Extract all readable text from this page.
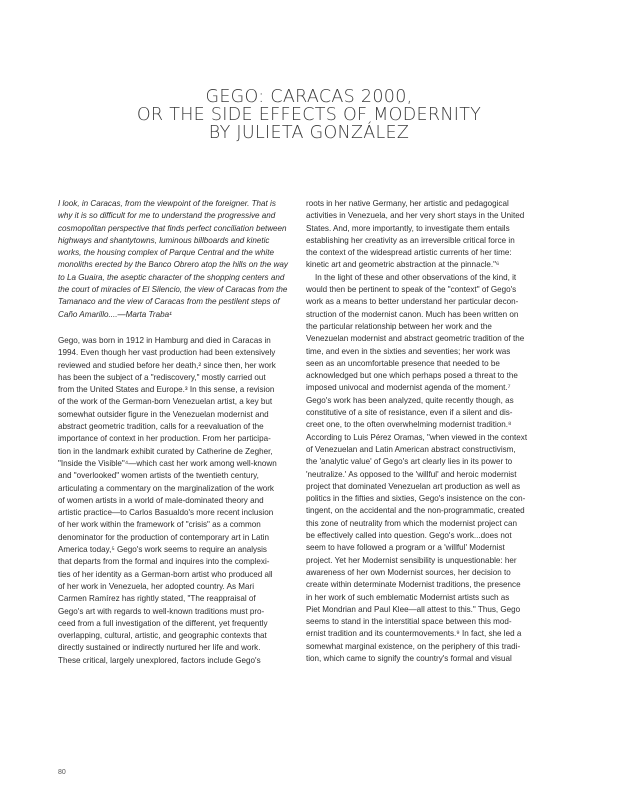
GEGO: CARACAS 2000,
OR THE SIDE EFFECTS OF MODERNITY
BY JULIETA GONZÁLEZ
I look, in Caracas, from the viewpoint of the foreigner. That is
why it is so difficult for me to understand the progressive and
cosmopolitan perspective that finds perfect conciliation between
highways and shantytowns, luminous billboards and kinetic
works, the housing complex of Parque Central and the white
monoliths erected by the Banco Obrero atop the hills on the way
to La Guaira, the aseptic character of the shopping centers and
the court of miracles of El Silencio, the view of Caracas from the
Tamanaco and the view of Caracas from the pestilent steps of
Caño Amarillo....—Marta Traba¹
Gego, was born in 1912 in Hamburg and died in Caracas in
1994. Even though her vast production had been extensively
reviewed and studied before her death,² since then, her work
has been the subject of a "rediscovery," mostly carried out
from the United States and Europe.³ In this sense, a revision
of the work of the German-born Venezuelan artist, a key but
somewhat outsider figure in the Venezuelan modernist and
abstract geometric tradition, calls for a reevaluation of the
importance of context in her production. From her participa-
tion in the landmark exhibit curated by Catherine de Zegher,
"Inside the Visible"⁴—which cast her work among well-known
and "overlooked" women artists of the twentieth century,
articulating a commentary on the marginalization of the work
of women artists in a world of male-dominated theory and
artistic practice—to Carlos Basualdo's more recent inclusion
of her work within the framework of "crisis" as a common
denominator for the production of contemporary art in Latin
America today,⁵ Gego's work seems to require an analysis
that departs from the formal and inquires into the complexi-
ties of her identity as a German-born artist who produced all
of her work in Venezuela, her adopted country. As Mari
Carmen Ramírez has rightly stated, "The reappraisal of
Gego's art with regards to well-known traditions must pro-
ceed from a full investigation of the different, yet frequently
overlapping, cultural, artistic, and geographic contexts that
directly sustained or indirectly nurtured her life and work.
These critical, largely unexplored, factors include Gego's
roots in her native Germany, her artistic and pedagogical
activities in Venezuela, and her very short stays in the United
States. And, more importantly, to investigate them entails
establishing her creativity as an irreversible critical force in
the context of the widespread artistic currents of her time:
kinetic art and geometric abstraction at the pinnacle."⁶
In the light of these and other observations of the kind, it
would then be pertinent to speak of the "context" of Gego's
work as a means to better understand her particular decon-
struction of the modernist canon. Much has been written on
the particular relationship between her work and the
Venezuelan modernist and abstract geometric tradition of the
time, and even in the sixties and seventies; her work was
seen as an uncomfortable presence that needed to be
acknowledged but one which perhaps posed a threat to the
imposed univocal and modernist agenda of the moment.⁷
Gego's work has been analyzed, quite recently though, as
constitutive of a site of resistance, even if a silent and dis-
creet one, to the often overwhelming modernist tradition.⁸
According to Luis Pérez Oramas, "when viewed in the context
of Venezuelan and Latin American abstract constructivism,
the 'analytic value' of Gego's art clearly lies in its power to
'neutralize.' As opposed to the 'willful' and heroic modernist
project that dominated Venezuelan art production as well as
politics in the fifties and sixties, Gego's insistence on the con-
tingent, on the accidental and the non-programmatic, created
this zone of neutrality from which the modernist project can
be effectively called into question. Gego's work...does not
seem to have followed a program or a 'willful' Modernist
project. Yet her Modernist sensibility is unquestionable: her
awareness of her own Modernist sources, her decision to
create within determinate Modernist traditions, the presence
in her work of such emblematic Modernist artists such as
Piet Mondrian and Paul Klee—all attest to this." Thus, Gego
seems to stand in the interstitial space between this mod-
ernist tradition and its countermovements.⁹ In fact, she led a
somewhat marginal existence, on the periphery of this tradi-
tion, which came to signify the country's formal and visual
80
